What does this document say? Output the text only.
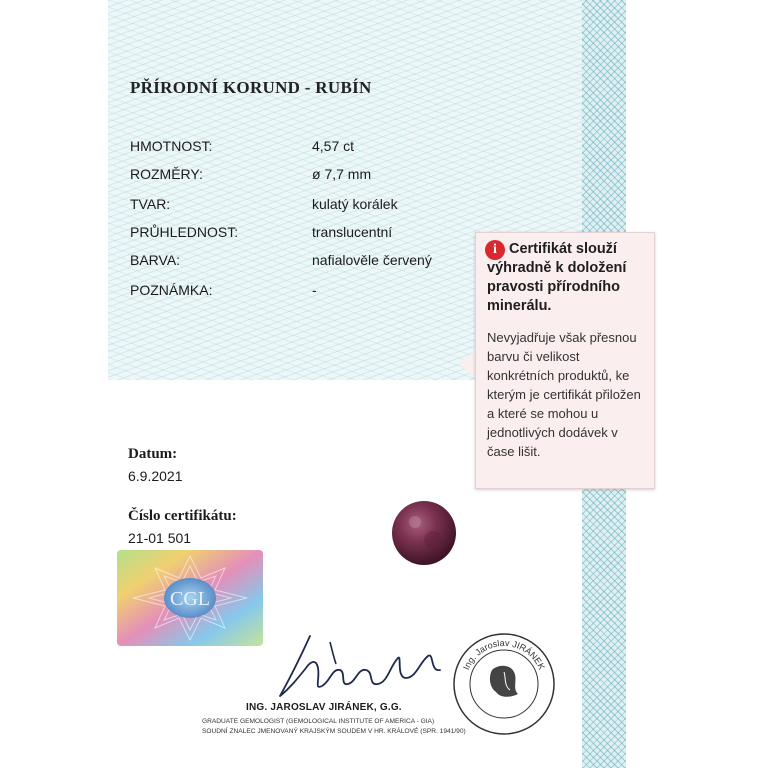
PŘÍRODNÍ KORUND - RUBÍN
HMOTNOST:	4,57 ct
ROZMĚRY:	ø 7,7 mm
TVAR:	kulatý korálek
PRŮHLEDNOST:	translucentní
BARVA:	nafialověle červený
POZNÁMKA:	-
Datum:
6.9.2021
Číslo certifikátu:
21-01 501
CGL
Ing. Jaroslav JIRÁNEK
ING. JAROSLAV JIRÁNEK, G.G.
GRADUATE GEMOLOGIST (GEMOLOGICAL INSTITUTE OF AMERICA - GIA)
SOUDNÍ ZNALEC JMENOVANÝ KRAJSKÝM SOUDEM V HR. KRÁLOVÉ (SPR. 1941/90)
i Certifikát slouží výhradně k doložení pravosti přírodního minerálu.
Nevyjadřuje však přesnou barvu či velikost konkrétních produktů, ke kterým je certifikát přiložen a které se mohou u jednotlivých dodávek v čase lišit.
